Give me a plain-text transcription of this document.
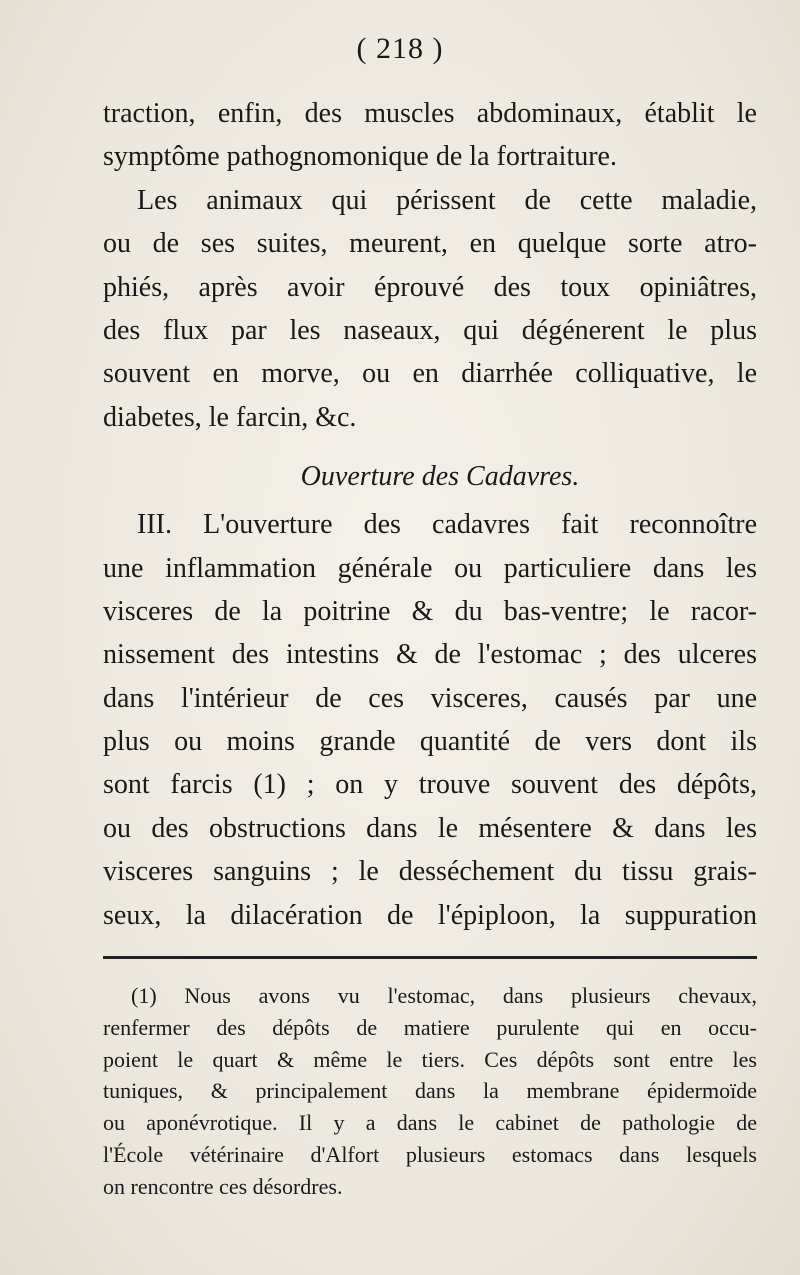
( 218 )
traction, enfin, des muscles abdominaux, établit le
symptôme pathognomonique de la fortraiture.
Les animaux qui périssent de cette maladie,
ou de ses suites, meurent, en quelque sorte atro-
phiés, après avoir éprouvé des toux opiniâtres,
des flux par les naseaux, qui dégénerent le plus
souvent en morve, ou en diarrhée colliquative, le
diabetes, le farcin, &c.
Ouverture des Cadavres.
III. L'ouverture des cadavres fait reconnoître
une inflammation générale ou particuliere dans les
visceres de la poitrine & du bas-ventre; le racor-
nissement des intestins & de l'estomac ; des ulceres
dans l'intérieur de ces visceres, causés par une
plus ou moins grande quantité de vers dont ils
sont farcis (1) ; on y trouve souvent des dépôts,
ou des obstructions dans le mésentere & dans les
visceres sanguins ; le desséchement du tissu grais-
seux, la dilacération de l'épiploon, la suppuration
(1) Nous avons vu l'estomac, dans plusieurs chevaux,
renfermer des dépôts de matiere purulente qui en occu-
poient le quart & même le tiers. Ces dépôts sont entre les
tuniques, & principalement dans la membrane épidermoïde
ou aponévrotique. Il y a dans le cabinet de pathologie de
l'École vétérinaire d'Alfort plusieurs estomacs dans lesquels
on rencontre ces désordres.
